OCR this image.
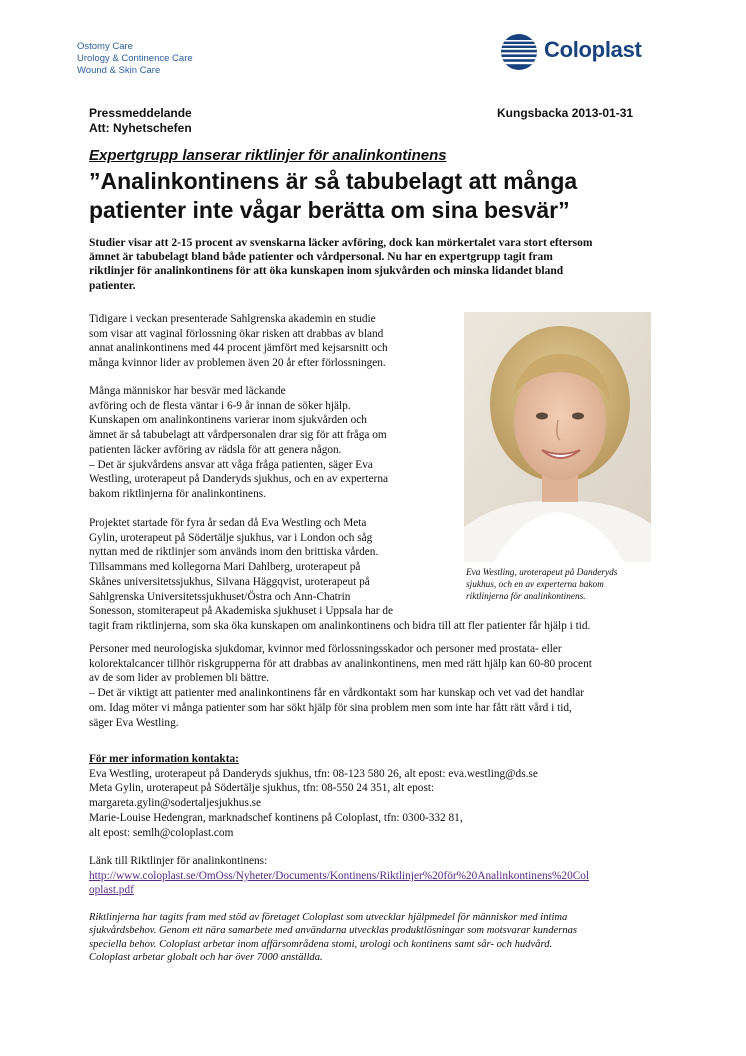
Ostomy Care
Urology & Continence Care
Wound & Skin Care
Coloplast
Pressmeddelande
Att: Nyhetschefen
Kungsbacka 2013-01-31
Expertgrupp lanserar riktlinjer för analinkontinens
”Analinkontinens är så tabubelagt att många
patienter inte vågar berätta om sina besvär”
Studier visar att 2-15 procent av svenskarna läcker avföring, dock kan mörkertalet vara stort eftersom
ämnet är tabubelagt bland både patienter och vårdpersonal. Nu har en expertgrupp tagit fram
riktlinjer för analinkontinens för att öka kunskapen inom sjukvården och minska lidandet bland
patienter.
Tidigare i veckan presenterade Sahlgrenska akademin en studie
som visar att vaginal förlossning ökar risken att drabbas av bland
annat analinkontinens med 44 procent jämfört med kejsarsnitt och
många kvinnor lider av problemen även 20 år efter förlossningen.
Många människor har besvär med läckande
avföring och de flesta väntar i 6-9 år innan de söker hjälp.
Kunskapen om analinkontinens varierar inom sjukvården och
ämnet är så tabubelagt att vårdpersonalen drar sig för att fråga om
patienten läcker avföring av rädsla för att genera någon.
– Det är sjukvårdens ansvar att våga fråga patienten, säger Eva
Westling, uroterapeut på Danderyds sjukhus, och en av experterna
bakom riktlinjerna för analinkontinens.
Eva Westling, uroterapeut på Danderyds
sjukhus, och en av experterna bakom
riktlinjerna för analinkontinens.
Projektet startade för fyra år sedan då Eva Westling och Meta
Gylin, uroterapeut på Södertälje sjukhus, var i London och såg
nyttan med de riktlinjer som används inom den brittiska vården.
Tillsammans med kollegorna Mari Dahlberg, uroterapeut på
Skånes universitetssjukhus, Silvana Häggqvist, uroterapeut på
Sahlgrenska Universitetssjukhuset/Östra och Ann-Chatrin
Sonesson, stomiterapeut på Akademiska sjukhuset i Uppsala har de
tagit fram riktlinjerna, som ska öka kunskapen om analinkontinens och bidra till att fler patienter får hjälp i tid.
Personer med neurologiska sjukdomar, kvinnor med förlossningsskador och personer med prostata- eller
kolorektalcancer tillhör riskgrupperna för att drabbas av analinkontinens, men med rätt hjälp kan 60-80 procent
av de som lider av problemen bli bättre.
– Det är viktigt att patienter med analinkontinens får en vårdkontakt som har kunskap och vet vad det handlar
om. Idag möter vi många patienter som har sökt hjälp för sina problem men som inte har fått rätt vård i tid,
säger Eva Westling.
För mer information kontakta:
Eva Westling, uroterapeut på Danderyds sjukhus, tfn: 08-123 580 26, alt epost: eva.westling@ds.se
Meta Gylin, uroterapeut på Södertälje sjukhus, tfn: 08-550 24 351, alt epost:
margareta.gylin@sodertaljesjukhus.se
Marie-Louise Hedengran, marknadschef kontinens på Coloplast, tfn: 0300-332 81,
alt epost: semlh@coloplast.com
Länk till Riktlinjer för analinkontinens:
http://www.coloplast.se/OmOss/Nyheter/Documents/Kontinens/Riktlinjer%20för%20Analinkontinens%20Col
oplast.pdf
Riktlinjerna har tagits fram med stöd av företaget Coloplast som utvecklar hjälpmedel för människor med intima
sjukvårdsbehov. Genom ett nära samarbete med användarna utvecklas produktlösningar som motsvarar kundernas
speciella behov. Coloplast arbetar inom affärsområdena stomi, urologi och kontinens samt sår- och hudvård.
Coloplast arbetar globalt och har över 7000 anställda.
